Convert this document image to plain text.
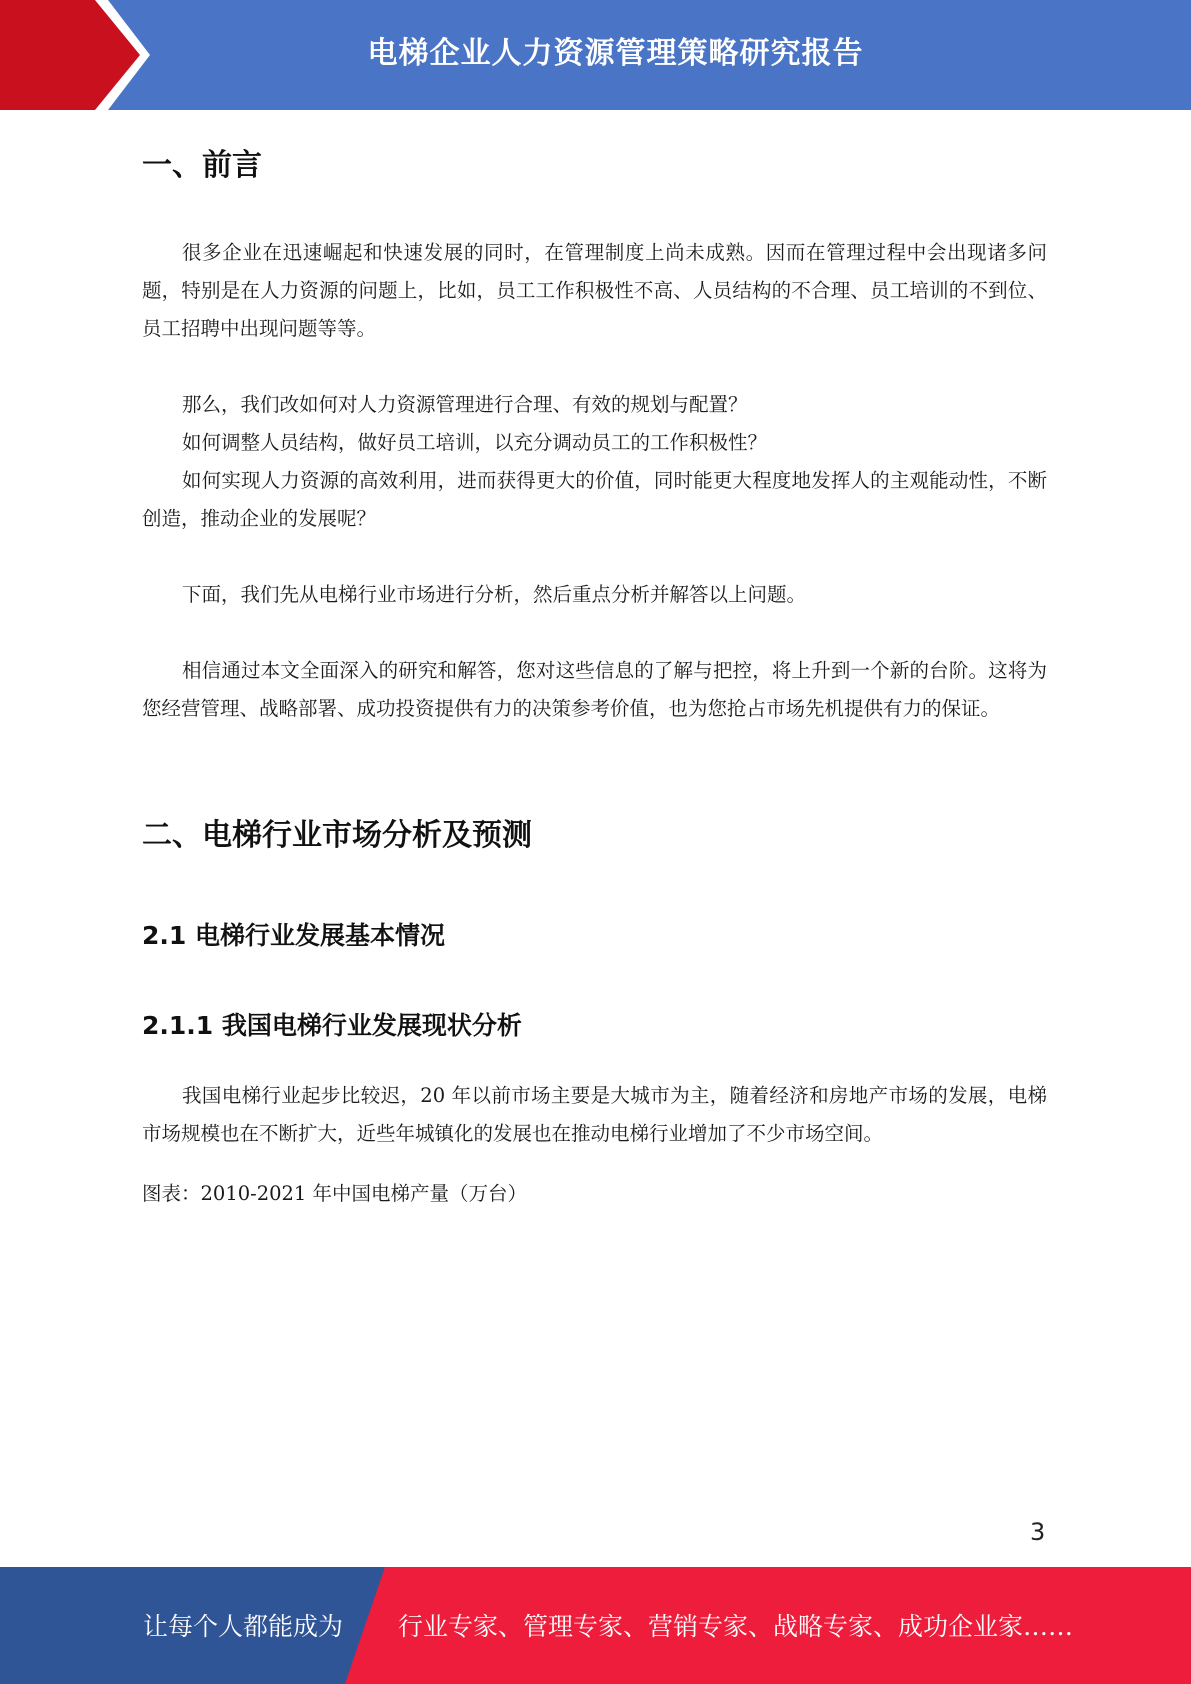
电梯企业人力资源管理策略研究报告
一、前言

很多企业在迅速崛起和快速发展的同时，在管理制度上尚未成熟。因而在管理过程中会出现诸多问题，特别是在人力资源的问题上，比如，员工工作积极性不高、人员结构的不合理、员工培训的不到位、员工招聘中出现问题等等。

那么，我们改如何对人力资源管理进行合理、有效的规划与配置？

如何调整人员结构，做好员工培训，以充分调动员工的工作积极性？

如何实现人力资源的高效利用，进而获得更大的价值，同时能更大程度地发挥人的主观能动性，不断创造，推动企业的发展呢？

下面，我们先从电梯行业市场进行分析，然后重点分析并解答以上问题。

相信通过本文全面深入的研究和解答，您对这些信息的了解与把控，将上升到一个新的台阶。这将为您经营管理、战略部署、成功投资提供有力的决策参考价值，也为您抢占市场先机提供有力的保证。

二、电梯行业市场分析及预测
2.1 电梯行业发展基本情况
2.1.1 我国电梯行业发展现状分析

我国电梯行业起步比较迟，20 年以前市场主要是大城市为主，随着经济和房地产市场的发展，电梯市场规模也在不断扩大，近些年城镇化的发展也在推动电梯行业增加了不少市场空间。

图表：2010-2021 年中国电梯产量（万台）

3
让每个人都能成为 行业专家、管理专家、营销专家、战略专家、成功企业家……
